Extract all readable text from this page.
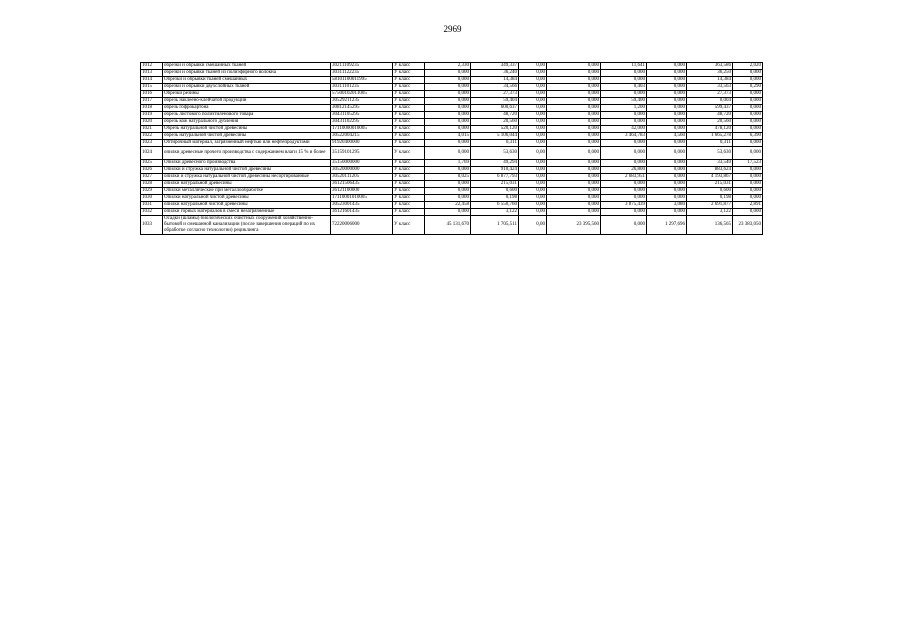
2969
1012	обрезки и обрывки смешанных тканей	30211109235	У класс	2,330	349,337	0,00	0,000	11,641	0,000	363,586	2,020
1013	обрезки и обрывки тканей из полиэфирного волокна	30311122235	У класс	0,000	36,240	0,00	0,000	0,000	0,000	36,250	0,000
1014	Обрезки и обрывки тканей смешанных	58101100011995	У класс	0,000	14,384	0,00	0,000	0,000	0,000	14,384	0,000
1015	обрезки и обрывки двухслойных тканей	30311101235	У класс	0,000	34,566	0,00	0,000	0,403	0,000	33,563	0,290
1016	Обрезки резины	57500102011005	У класс	0,000	27,373	0,00	0,000	0,000	0,000	27,373	0,000
1017	обрезь наклеено-клейчатой продукции	30529211235	У класс	0,000	59,404	0,00	0,000	59,400	0,000	0,004	0,000
1018	обрезь гофрокартона	30812145295	У класс	0,000	600,637	0,00	0,000	1,200	0,000	599,437	0,000
1019	обрезь листового полиэтиленового товара	30431105295	У класс	0,000	48,720	0,00	0,000	0,000	0,000	48,720	0,000
1020	обрезь кож натурального дубления	30431102295	У класс	0,000	20,560	0,00	0,000	0,000	0,000	20,560	0,000
1021	Обрезь натуральной чистой древесины	17110000010005	У класс	0,000	520,120	0,00	0,000	42,000	0,000	478,120	0,000
1022	обрезь натуральной чистой древесины	30522004215	У класс	4,015	5 106,044	0,00	0,000	3 464,783	4,560	1 665,278	6,390
1023	Обтирочный материал, загрязненный нефтью или нефтепродуктами	91920400000	У класс	0,000	0,311	0,00	0,000	0,000	0,000	0,311	0,000
1024	опилки древесные прочего производства с содержанием влаги 15 % и более	35159101295	У класс	0,000	53,630	0,00	0,000	0,000	0,000	53,630	0,000
1025	Опилки древесного производства	35150000000	У класс	1,769	49,294	0,00	0,000	0,000	0,000	33,540	17,523
1026	Опилки и стружка натуральной чистой древесины	30520000000	У класс	0,000	910,424	0,00	0,000	26,800	0,000	883,624	0,000
1027	опилки и стружка натуральной чистой древесины несортированные	30520111205	У класс	0,025	6 877,793	0,00	0,000	2 683,951	0,000	4 193,867	0,000
1028	опилки натуральной древесины	36121506435	У класс	0,000	215,031	0,00	0,000	0,000	0,000	215,031	0,000
1029	Опилки металлические при металлообработке	36121100000	У класс	0,000	0,600	0,00	0,000	0,000	0,000	0,600	0,000
1030	Опилки натуральной чистой древесины	17110001010005	У класс	0,000	0,198	0,00	0,000	0,000	0,000	0,198	0,000
1031	опилки натуральной чистой древесины	30523001435	У класс	22,458	6 550,760	0,00	0,000	3 875,439	3,080	2 691,877	2,891
1032	опилки горных материалов в смеси незагрязненные	36121601435	У класс	0,000	3,122	0,00	0,000	0,000	0,000	3,122	0,000
1033	Осадки (шламы) биологических очистных сооружений хозяйственно-бытовой и смешанной канализации (после завершения операций по их обработке согласно технологии) рециклинга	72220006000	У класс	45 131,670	1 705,511	0,00	23 395,560	0,000	1 297,696	136,565	23 383,050
